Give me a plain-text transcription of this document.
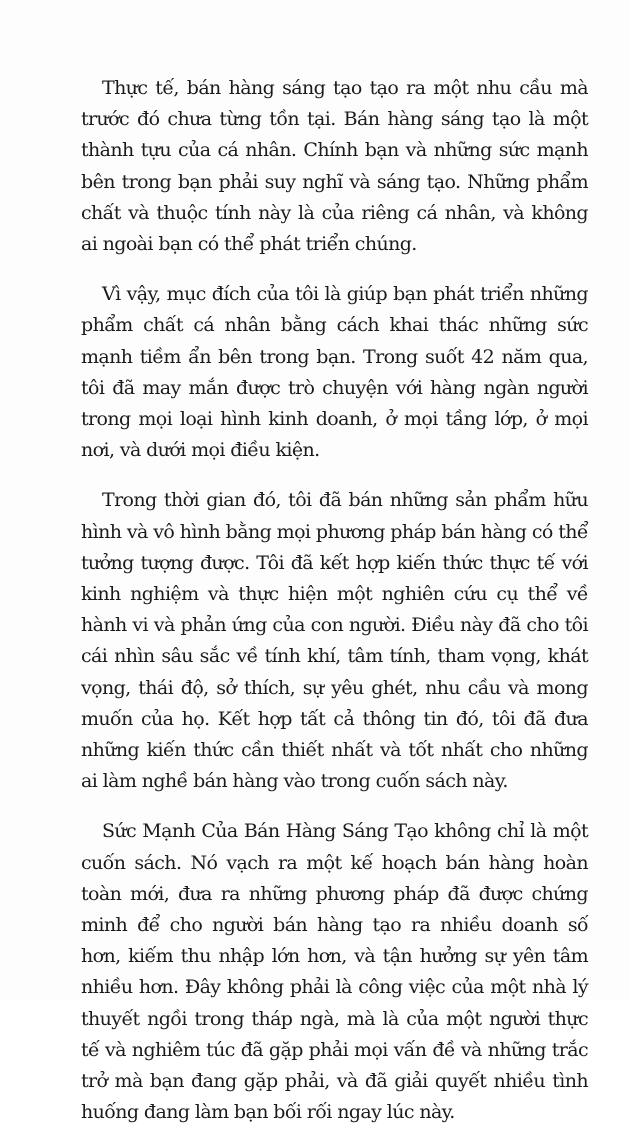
Thực tế, bán hàng sáng tạo tạo ra một nhu cầu mà trước đó chưa từng tồn tại. Bán hàng sáng tạo là một thành tựu của cá nhân. Chính bạn và những sức mạnh bên trong bạn phải suy nghĩ và sáng tạo. Những phẩm chất và thuộc tính này là của riêng cá nhân, và không ai ngoài bạn có thể phát triển chúng.

Vì vậy, mục đích của tôi là giúp bạn phát triển những phẩm chất cá nhân bằng cách khai thác những sức mạnh tiềm ẩn bên trong bạn. Trong suốt 42 năm qua, tôi đã may mắn được trò chuyện với hàng ngàn người trong mọi loại hình kinh doanh, ở mọi tầng lớp, ở mọi nơi, và dưới mọi điều kiện.

Trong thời gian đó, tôi đã bán những sản phẩm hữu hình và vô hình bằng mọi phương pháp bán hàng có thể tưởng tượng được. Tôi đã kết hợp kiến thức thực tế với kinh nghiệm và thực hiện một nghiên cứu cụ thể về hành vi và phản ứng của con người. Điều này đã cho tôi cái nhìn sâu sắc về tính khí, tâm tính, tham vọng, khát vọng, thái độ, sở thích, sự yêu ghét, nhu cầu và mong muốn của họ. Kết hợp tất cả thông tin đó, tôi đã đưa những kiến thức cần thiết nhất và tốt nhất cho những ai làm nghề bán hàng vào trong cuốn sách này.

Sức Mạnh Của Bán Hàng Sáng Tạo không chỉ là một cuốn sách. Nó vạch ra một kế hoạch bán hàng hoàn toàn mới, đưa ra những phương pháp đã được chứng minh để cho người bán hàng tạo ra nhiều doanh số hơn, kiếm thu nhập lớn hơn, và tận hưởng sự yên tâm nhiều hơn. Đây không phải là công việc của một nhà lý thuyết ngồi trong tháp ngà, mà là của một người thực tế và nghiêm túc đã gặp phải mọi vấn đề và những trắc trở mà bạn đang gặp phải, và đã giải quyết nhiều tình huống đang làm bạn bối rối ngay lúc này.
